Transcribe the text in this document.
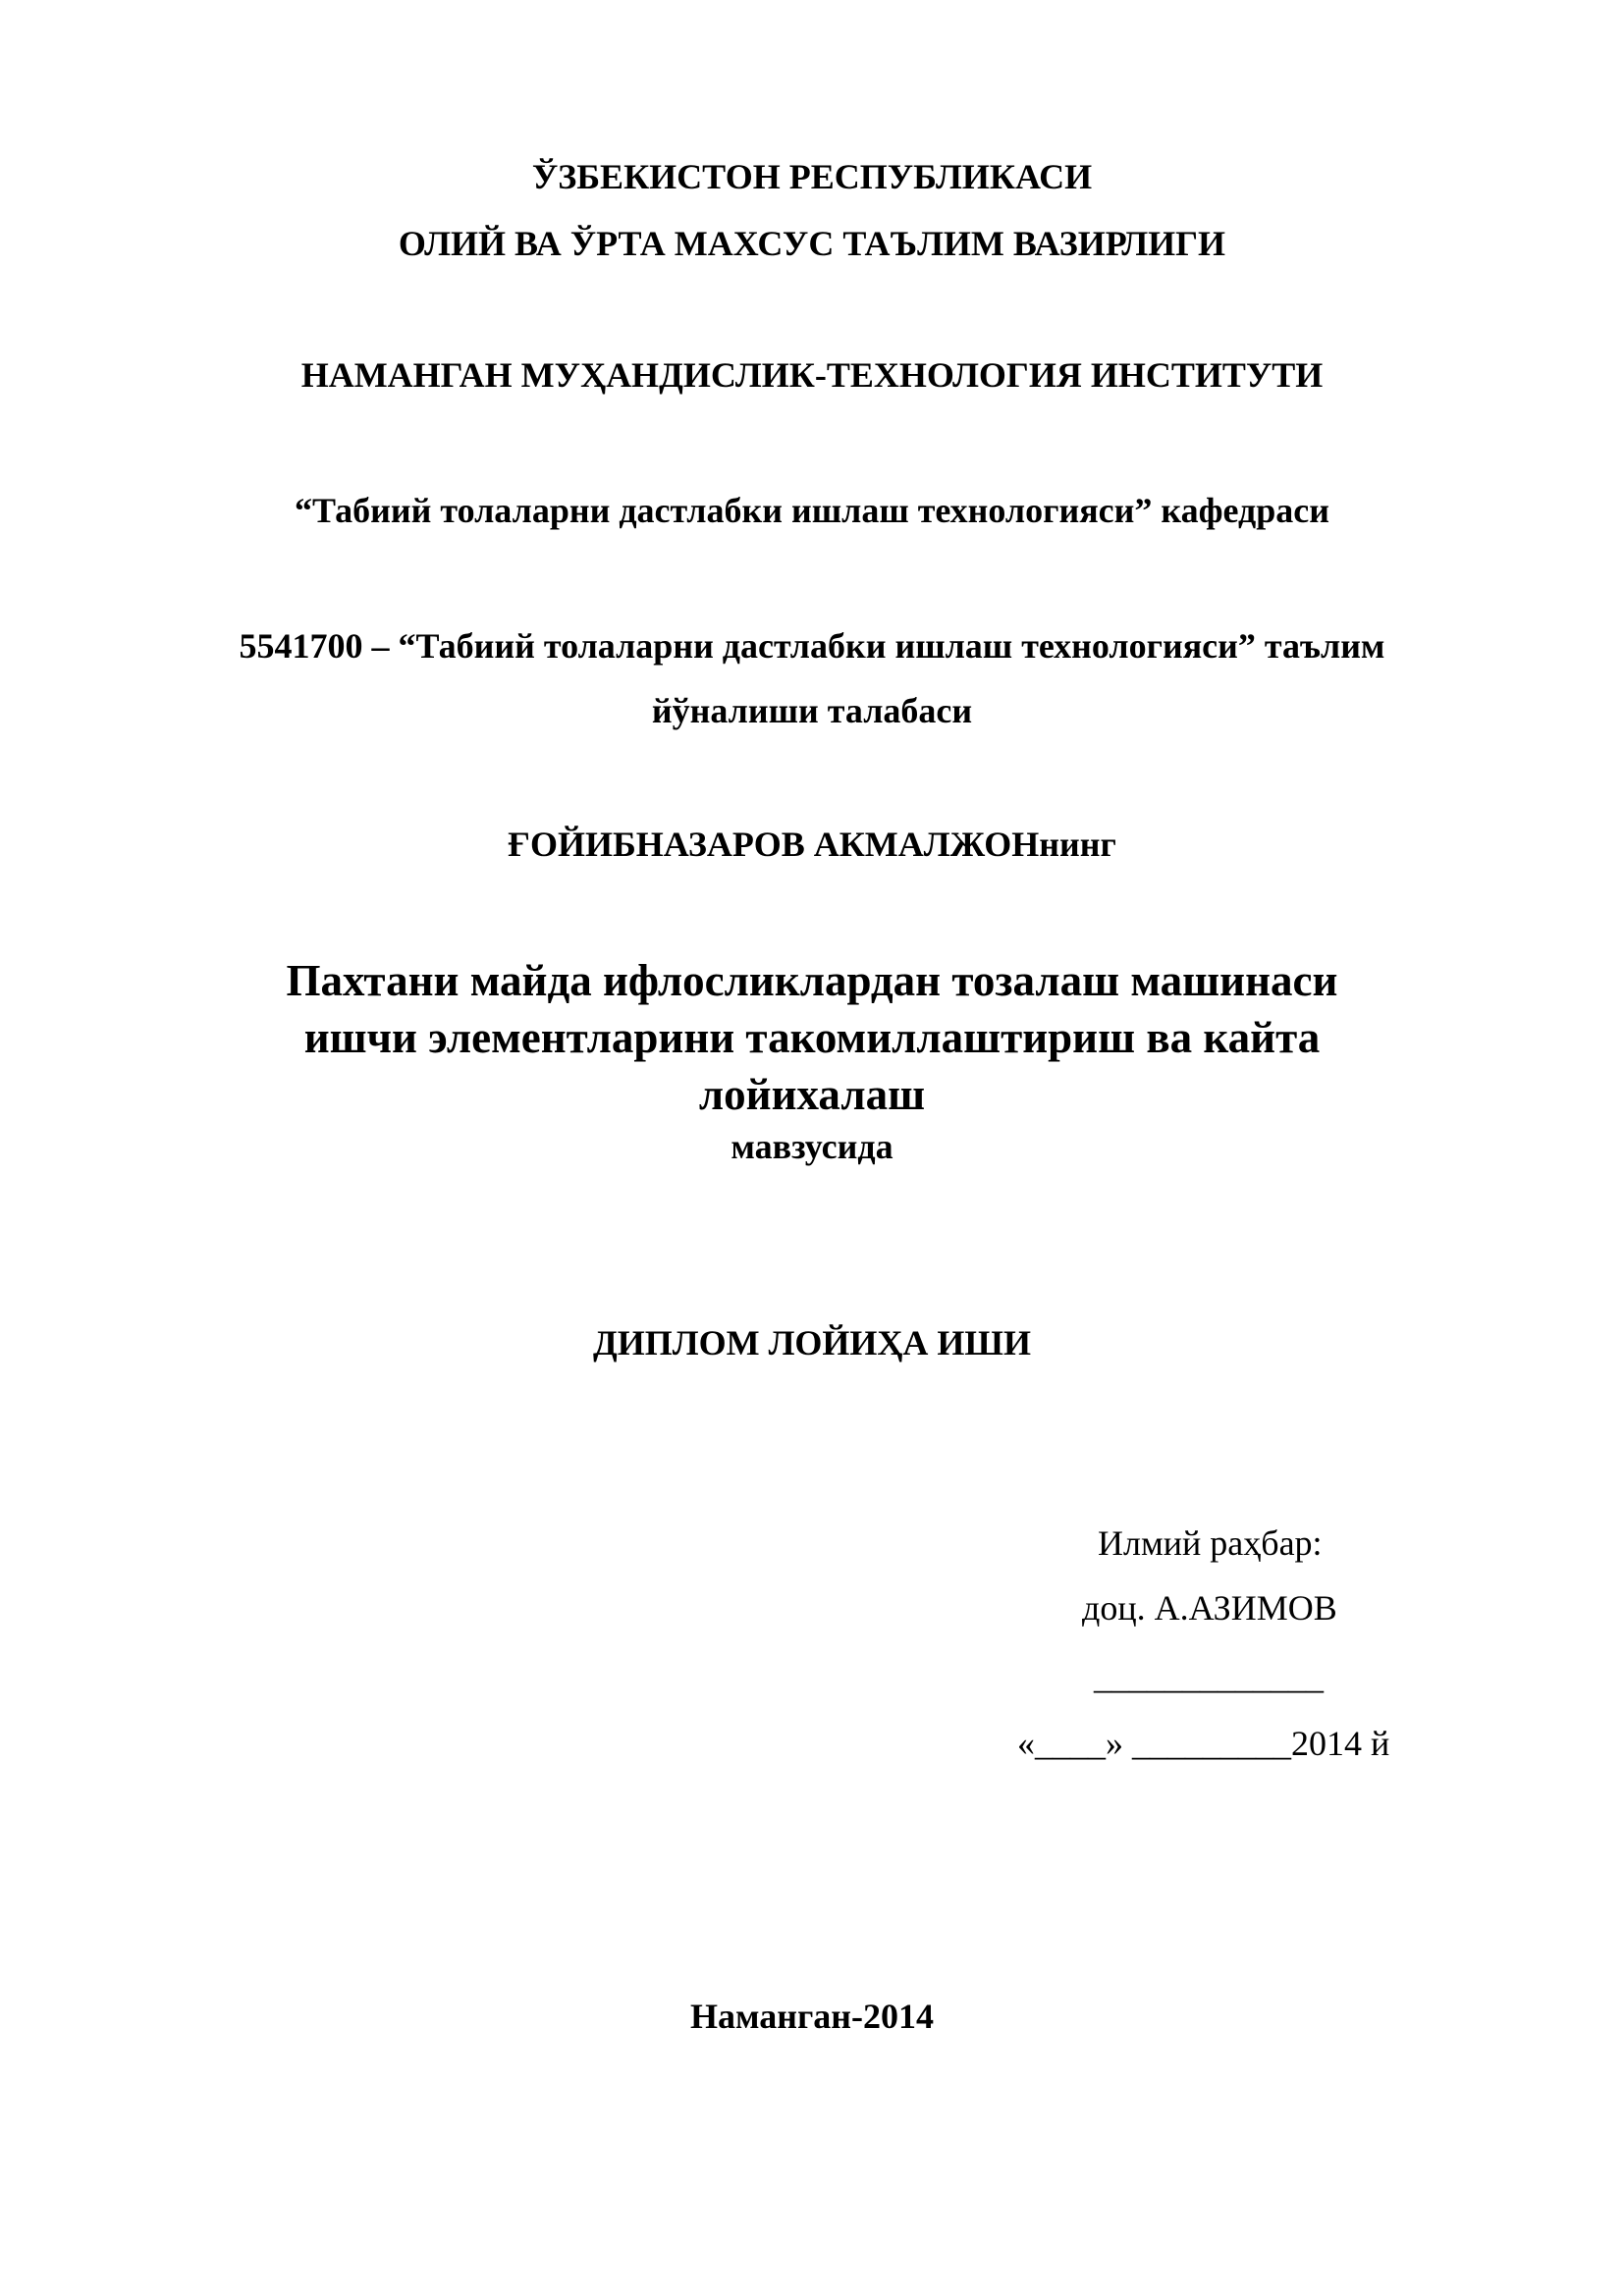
ЎЗБЕКИСТОН РЕСПУБЛИКАСИ
ОЛИЙ ВА ЎРТА МАХСУС ТАЪЛИМ ВАЗИРЛИГИ
НАМАНГАН МУҲАНДИСЛИК-ТЕХНОЛОГИЯ ИНСТИТУТИ
“Табиий толаларни дастлабки ишлаш технологияси” кафедраси
5541700 – “Табиий толаларни дастлабки ишлаш технологияси” таълим
йўналиши талабаси
ҒОЙИБНАЗАРОВ АКМАЛЖОНнинг
Пахтани майда ифлосликлардан тозалаш машинаси
ишчи элементларини такомиллаштириш ва кайта
лойихалаш
мавзусида
ДИПЛОМ ЛОЙИҲА ИШИ
Илмий раҳбар:
доц. А.АЗИМОВ
_____________
«____» _________2014 й
Наманган-2014
